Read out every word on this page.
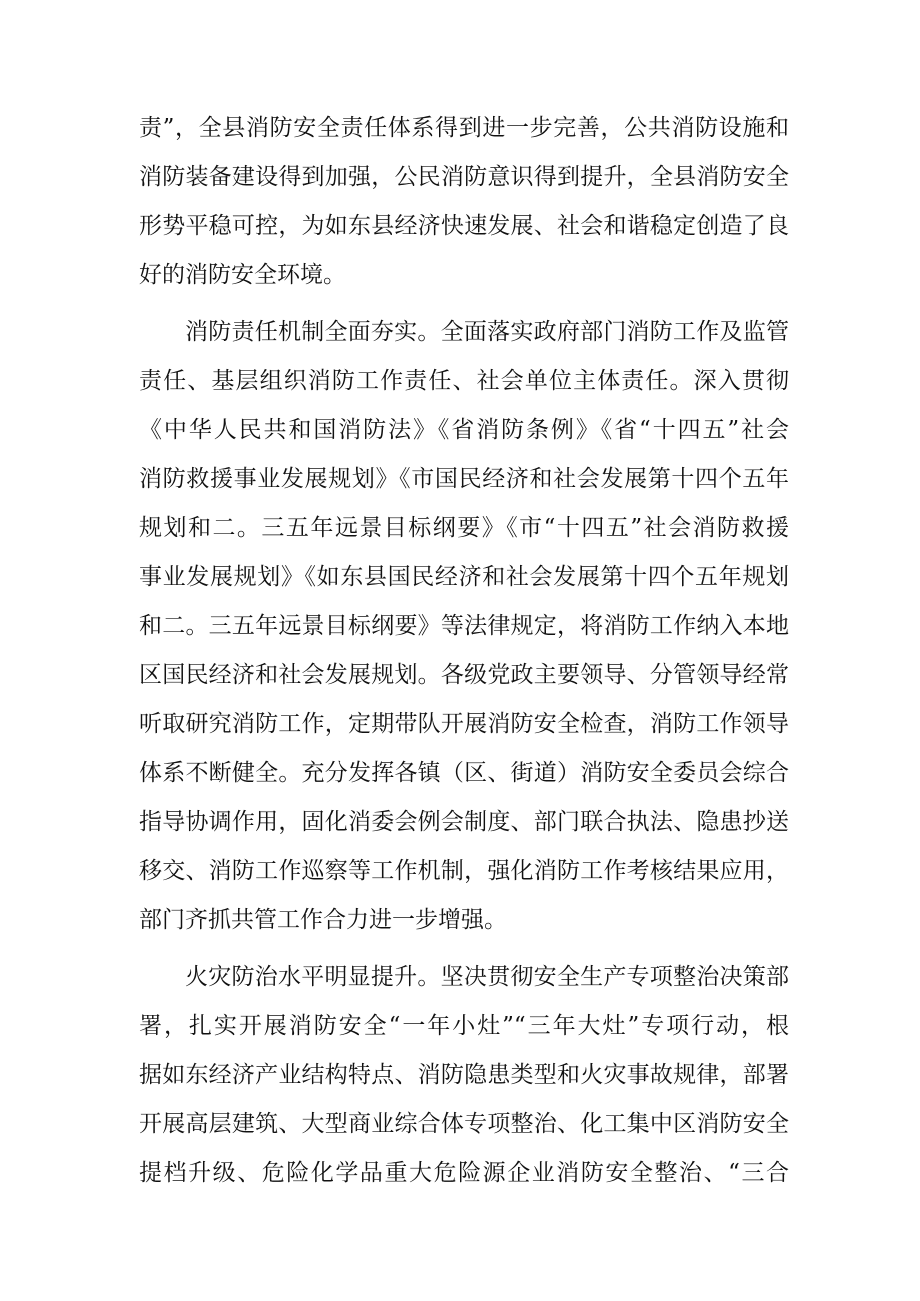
责”，全县消防安全责任体系得到进一步完善，公共消防设施和
消防装备建设得到加强，公民消防意识得到提升，全县消防安全
形势平稳可控，为如东县经济快速发展、社会和谐稳定创造了良
好的消防安全环境。
消防责任机制全面夯实。全面落实政府部门消防工作及监管
责任、基层组织消防工作责任、社会单位主体责任。深入贯彻
《中华人民共和国消防法》《省消防条例》《省“十四五”社会
消防救援事业发展规划》《市国民经济和社会发展第十四个五年
规划和二。三五年远景目标纲要》《市“十四五”社会消防救援
事业发展规划》《如东县国民经济和社会发展第十四个五年规划
和二。三五年远景目标纲要》等法律规定，将消防工作纳入本地
区国民经济和社会发展规划。各级党政主要领导、分管领导经常
听取研究消防工作，定期带队开展消防安全检查，消防工作领导
体系不断健全。充分发挥各镇（区、街道）消防安全委员会综合
指导协调作用，固化消委会例会制度、部门联合执法、隐患抄送
移交、消防工作巡察等工作机制，强化消防工作考核结果应用，
部门齐抓共管工作合力进一步增强。
火灾防治水平明显提升。坚决贯彻安全生产专项整治决策部
署，扎实开展消防安全“一年小灶”“三年大灶”专项行动，根
据如东经济产业结构特点、消防隐患类型和火灾事故规律，部署
开展高层建筑、大型商业综合体专项整治、化工集中区消防安全
提档升级、危险化学品重大危险源企业消防安全整治、“三合
